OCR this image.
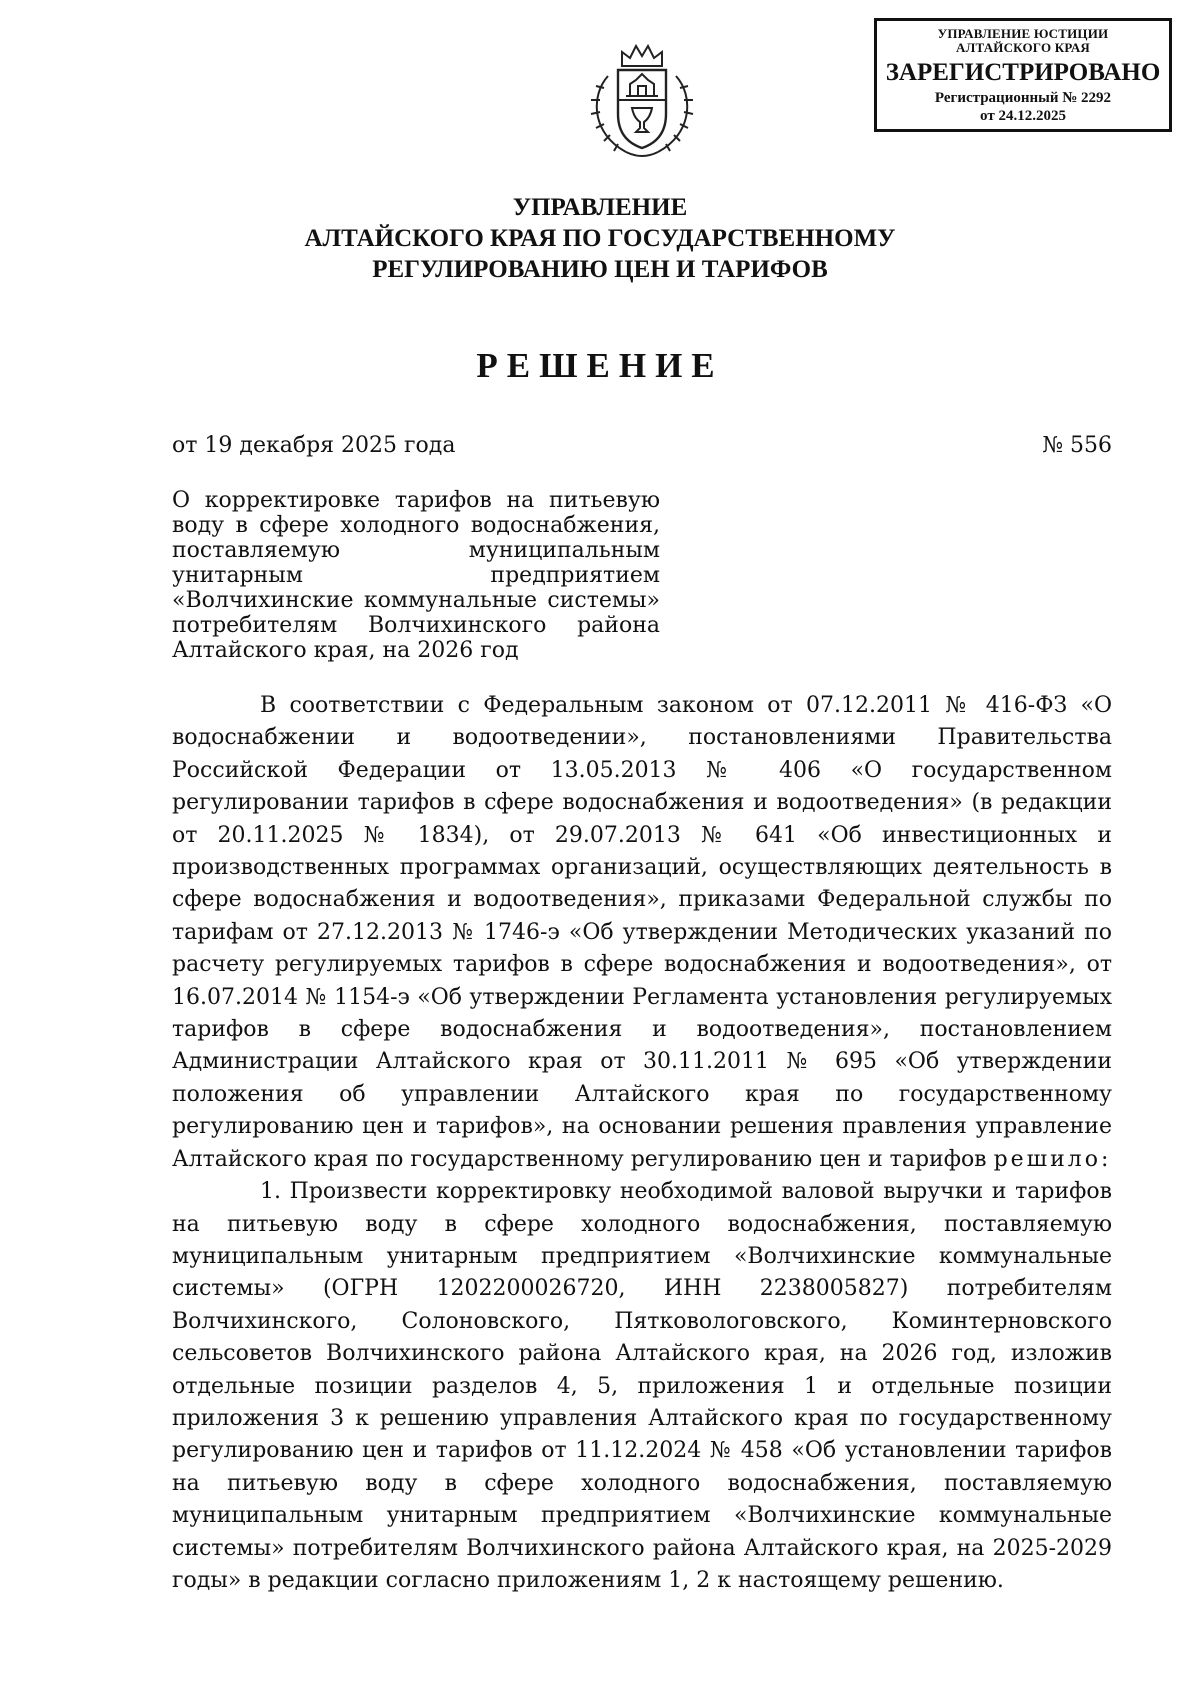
УПРАВЛЕНИЕ ЮСТИЦИИ
АЛТАЙСКОГО КРАЯ
ЗАРЕГИСТРИРОВАНО
Регистрационный № 2292
от 24.12.2025
УПРАВЛЕНИЕ
АЛТАЙСКОГО КРАЯ ПО ГОСУДАРСТВЕННОМУ
РЕГУЛИРОВАНИЮ ЦЕН И ТАРИФОВ
РЕШЕНИЕ
от 19 декабря 2025 года	№ 556
О корректировке тарифов на питьевую воду в сфере холодного водоснабжения, поставляемую муниципальным унитарным предприятием «Волчихинские коммунальные системы» потребителям Волчихинского района Алтайского края, на 2026 год

В соответствии с Федеральным законом от 07.12.2011 № 416-ФЗ «О водоснабжении и водоотведении», постановлениями Правительства Российской Федерации от 13.05.2013 № 406 «О государственном регулировании тарифов в сфере водоснабжения и водоотведения» (в редакции от 20.11.2025 № 1834), от 29.07.2013 № 641 «Об инвестиционных и производственных программах организаций, осуществляющих деятельность в сфере водоснабжения и водоотведения», приказами Федеральной службы по тарифам от 27.12.2013 № 1746-э «Об утверждении Методических указаний по расчету регулируемых тарифов в сфере водоснабжения и водоотведения», от 16.07.2014 № 1154-э «Об утверждении Регламента установления регулируемых тарифов в сфере водоснабжения и водоотведения», постановлением Администрации Алтайского края от 30.11.2011 № 695 «Об утверждении положения об управлении Алтайского края по государственному регулированию цен и тарифов», на основании решения правления управление Алтайского края по государственному регулированию цен и тарифов решило:

1. Произвести корректировку необходимой валовой выручки и тарифов на питьевую воду в сфере холодного водоснабжения, поставляемую муниципальным унитарным предприятием «Волчихинские коммунальные системы» (ОГРН 1202200026720, ИНН 2238005827) потребителям Волчихинского, Солоновского, Пятковологовского, Коминтерновского сельсоветов Волчихинского района Алтайского края, на 2026 год, изложив отдельные позиции разделов 4, 5, приложения 1 и отдельные позиции приложения 3 к решению управления Алтайского края по государственному регулированию цен и тарифов от 11.12.2024 № 458 «Об установлении тарифов на питьевую воду в сфере холодного водоснабжения, поставляемую муниципальным унитарным предприятием «Волчихинские коммунальные системы» потребителям Волчихинского района Алтайского края, на 2025-2029 годы» в редакции согласно приложениям 1, 2 к настоящему решению.
